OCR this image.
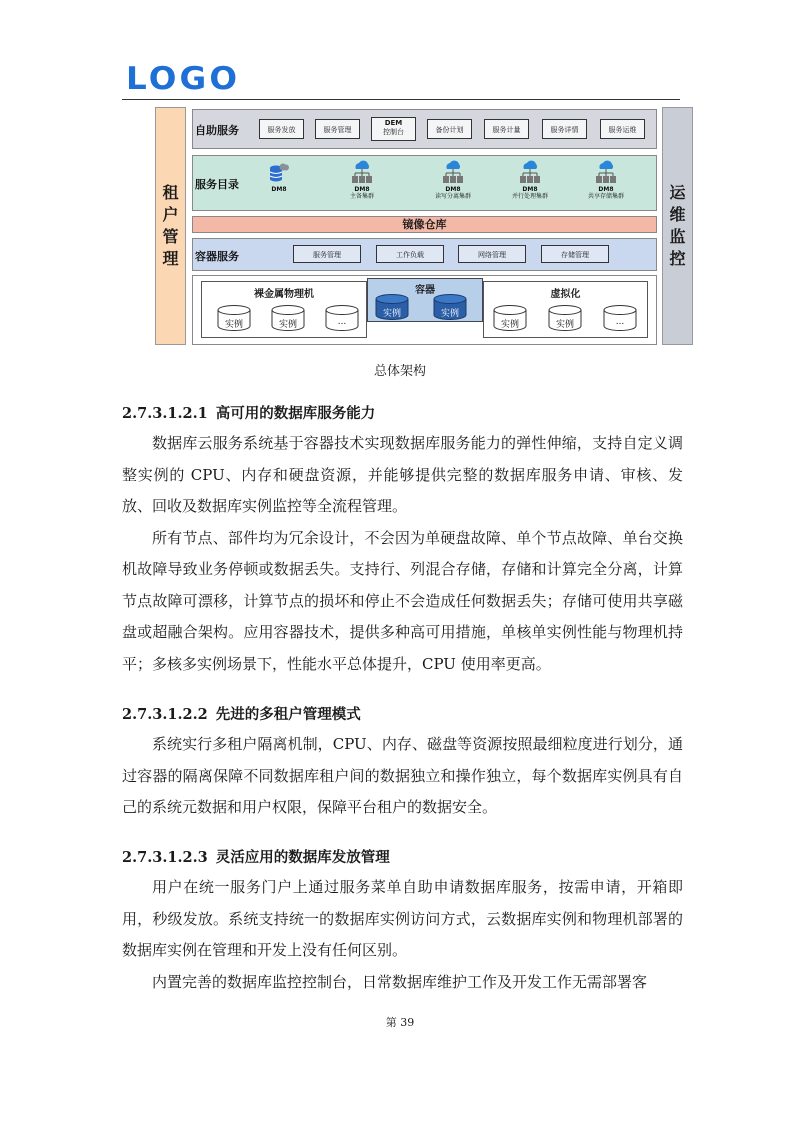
LOGO
租户管理
运维监控
自助服务	服务发放	服务管理
DEM
控制台	备份计划	服务计量	服务详情	服务运维
服务目录	DM8	DM8
主备集群
DM8
读写分离集群
DM8
并行处理集群
DM8
共享存储集群
镜像仓库
容器服务	服务管理	工作负载	网络管理	存储管理
裸金属物理机
实例	实例	...
虚拟化
实例	实例	...
容器
实例	实例
总体架构
2.7.3.1.2.1 高可用的数据库服务能力

数据库云服务系统基于容器技术实现数据库服务能力的弹性伸缩，支持自定义调整实例的 CPU、内存和硬盘资源，并能够提供完整的数据库服务申请、审核、发放、回收及数据库实例监控等全流程管理。

所有节点、部件均为冗余设计，不会因为单硬盘故障、单个节点故障、单台交换机故障导致业务停顿或数据丢失。支持行、列混合存储，存储和计算完全分离，计算节点故障可漂移，计算节点的损坏和停止不会造成任何数据丢失；存储可使用共享磁盘或超融合架构。应用容器技术，提供多种高可用措施，单核单实例性能与物理机持平；多核多实例场景下，性能水平总体提升，CPU 使用率更高。

2.7.3.1.2.2 先进的多租户管理模式

系统实行多租户隔离机制，CPU、内存、磁盘等资源按照最细粒度进行划分，通过容器的隔离保障不同数据库租户间的数据独立和操作独立，每个数据库实例具有自己的系统元数据和用户权限，保障平台租户的数据安全。

2.7.3.1.2.3 灵活应用的数据库发放管理

用户在统一服务门户上通过服务菜单自助申请数据库服务，按需申请，开箱即用，秒级发放。系统支持统一的数据库实例访问方式，云数据库实例和物理机部署的数据库实例在管理和开发上没有任何区别。

内置完善的数据库监控控制台，日常数据库维护工作及开发工作无需部署客

第 39
